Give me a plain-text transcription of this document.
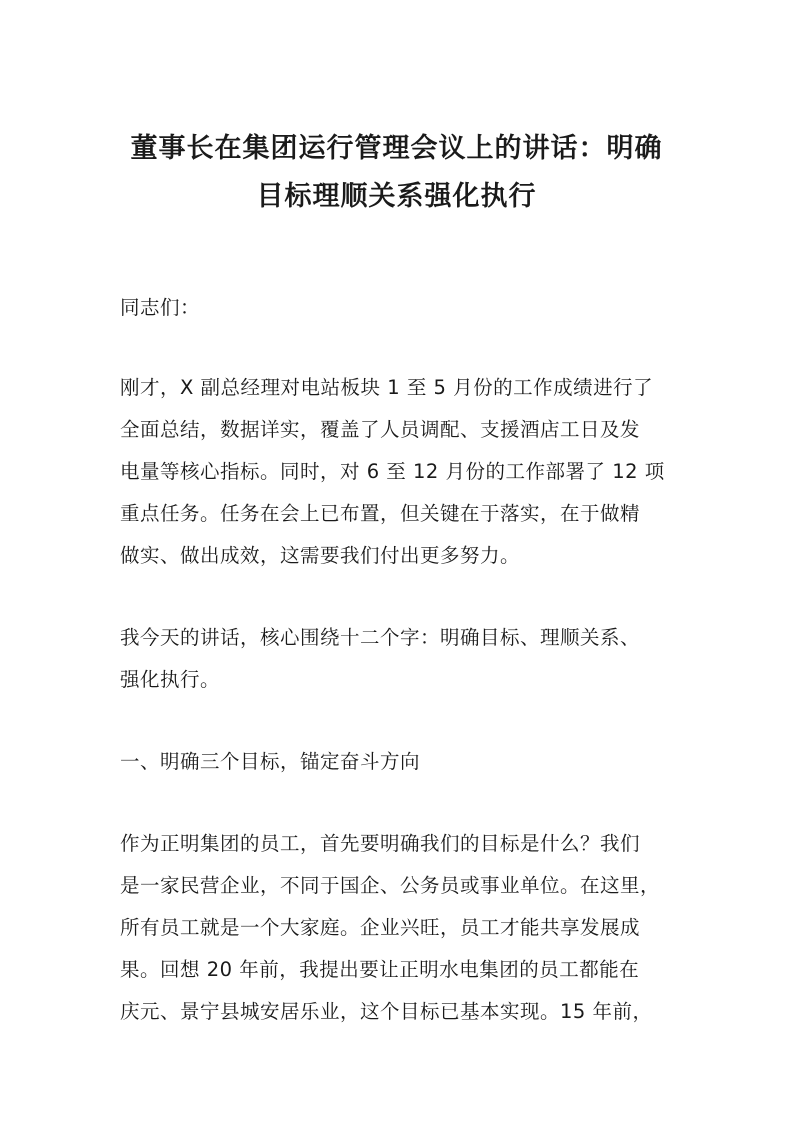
董事长在集团运行管理会议上的讲话：明确
目标理顺关系强化执行
同志们：
刚才，X 副总经理对电站板块 1 至 5 月份的工作成绩进行了
全面总结，数据详实，覆盖了人员调配、支援酒店工日及发
电量等核心指标。同时，对 6 至 12 月份的工作部署了 12 项
重点任务。任务在会上已布置，但关键在于落实，在于做精
做实、做出成效，这需要我们付出更多努力。
我今天的讲话，核心围绕十二个字：明确目标、理顺关系、
强化执行。
一、明确三个目标，锚定奋斗方向
作为正明集团的员工，首先要明确我们的目标是什么？我们
是一家民营企业，不同于国企、公务员或事业单位。在这里，
所有员工就是一个大家庭。企业兴旺，员工才能共享发展成
果。回想 20 年前，我提出要让正明水电集团的员工都能在
庆元、景宁县城安居乐业，这个目标已基本实现。15 年前，
